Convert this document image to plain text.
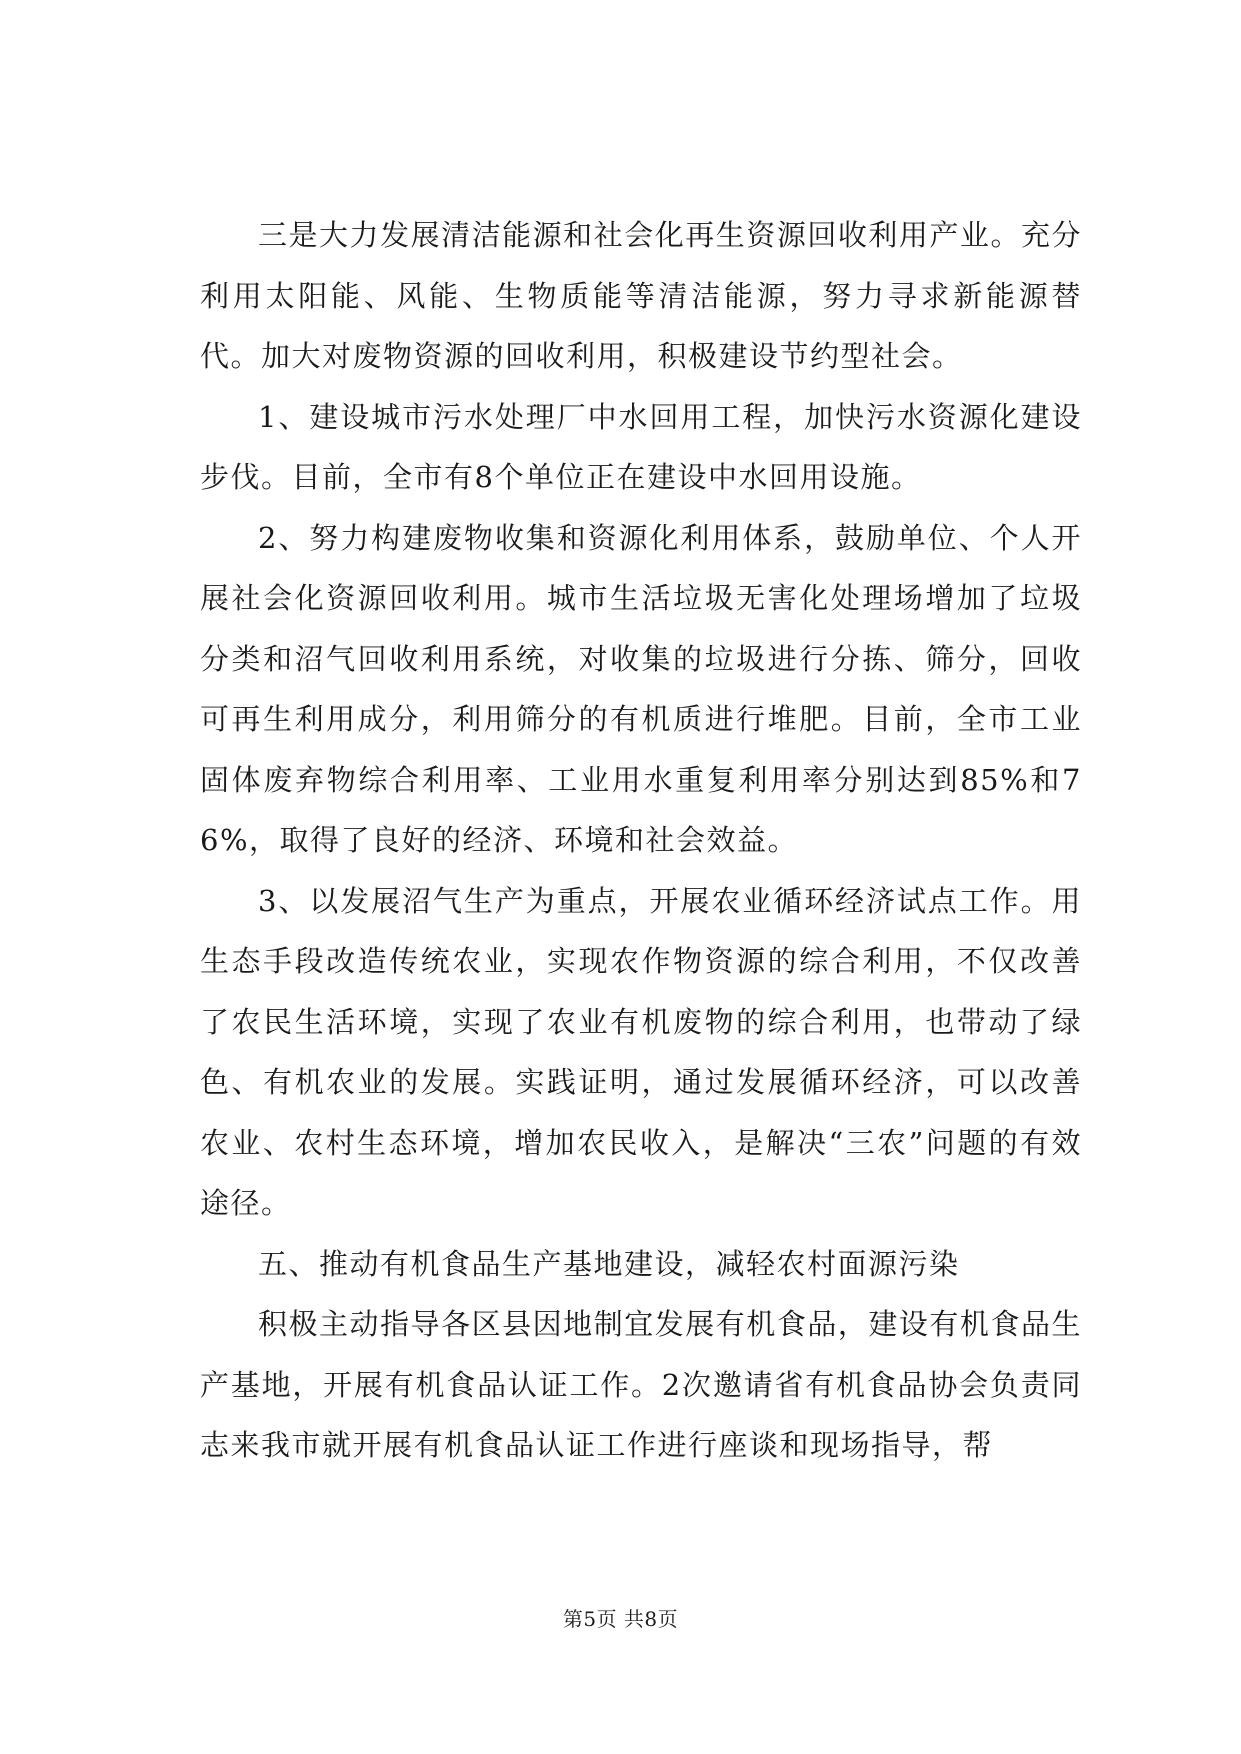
三是大力发展清洁能源和社会化再生资源回收利用产业。充分利用太阳能、风能、生物质能等清洁能源，努力寻求新能源替代。加大对废物资源的回收利用，积极建设节约型社会。

1、建设城市污水处理厂中水回用工程，加快污水资源化建设步伐。目前，全市有8个单位正在建设中水回用设施。

2、努力构建废物收集和资源化利用体系，鼓励单位、个人开展社会化资源回收利用。城市生活垃圾无害化处理场增加了垃圾分类和沼气回收利用系统，对收集的垃圾进行分拣、筛分，回收可再生利用成分，利用筛分的有机质进行堆肥。目前，全市工业固体废弃物综合利用率、工业用水重复利用率分别达到85%和76%，取得了良好的经济、环境和社会效益。

3、以发展沼气生产为重点，开展农业循环经济试点工作。用生态手段改造传统农业，实现农作物资源的综合利用，不仅改善了农民生活环境，实现了农业有机废物的综合利用，也带动了绿色、有机农业的发展。实践证明，通过发展循环经济，可以改善农业、农村生态环境，增加农民收入，是解决“三农”问题的有效途径。

五、推动有机食品生产基地建设，减轻农村面源污染

积极主动指导各区县因地制宜发展有机食品，建设有机食品生产基地，开展有机食品认证工作。2次邀请省有机食品协会负责同志来我市就开展有机食品认证工作进行座谈和现场指导，帮

第5页 共8页
